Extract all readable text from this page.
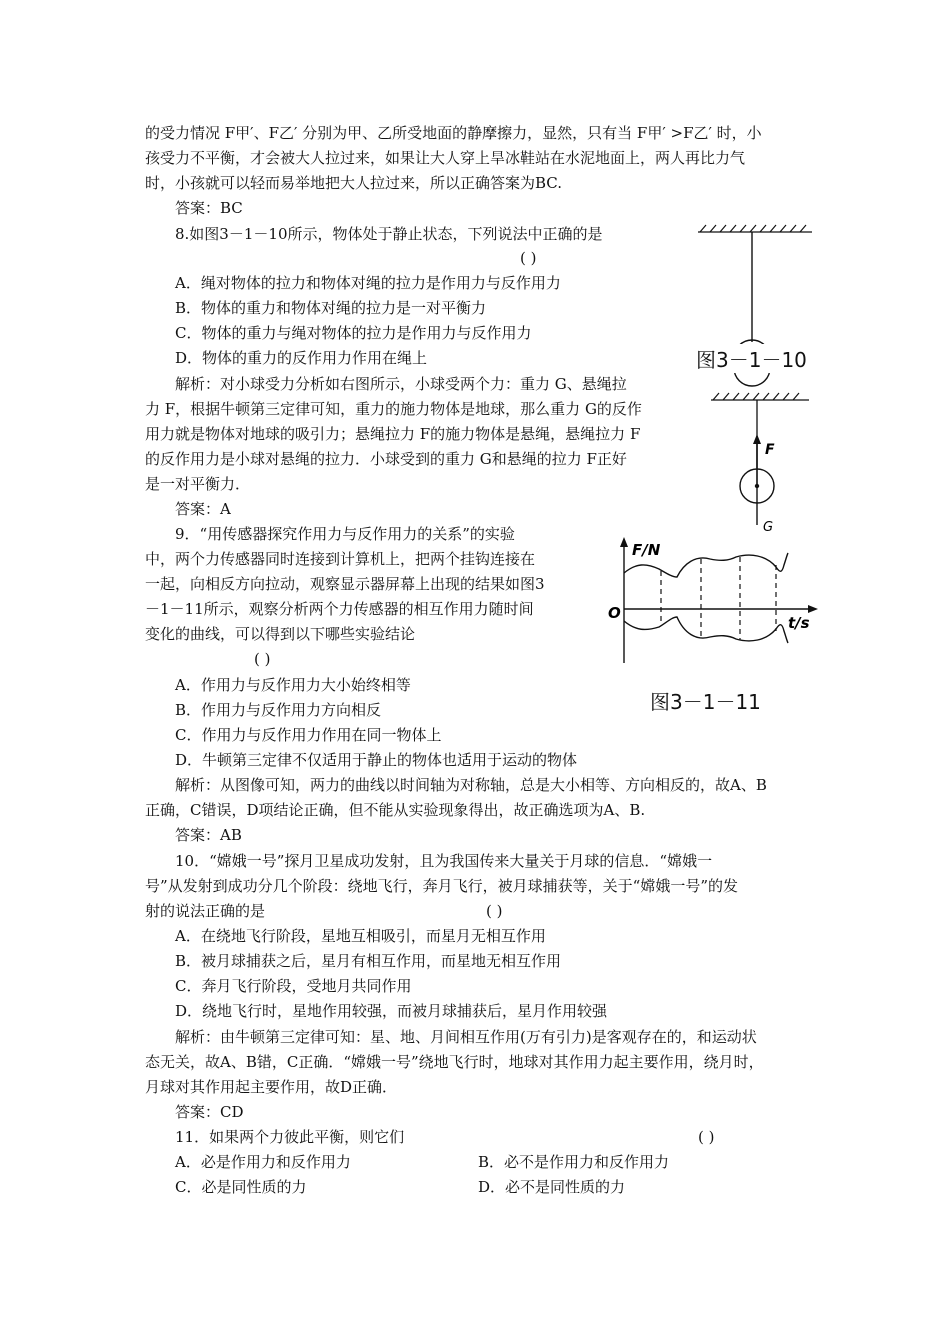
的受力情况 F甲′、F乙′ 分别为甲、乙所受地面的静摩擦力，显然，只有当 F甲′ >F乙′ 时，小
孩受力不平衡，才会被大人拉过来，如果让大人穿上旱冰鞋站在水泥地面上，两人再比力气
时，小孩就可以轻而易举地把大人拉过来，所以正确答案为BC.
答案：BC
8.如图3－1－10所示，物体处于静止状态，下列说法中正确的是
( )
A．绳对物体的拉力和物体对绳的拉力是作用力与反作用力
B．物体的重力和物体对绳的拉力是一对平衡力
C．物体的重力与绳对物体的拉力是作用力与反作用力
D．物体的重力的反作用力作用在绳上
解析：对小球受力分析如右图所示，小球受两个力：重力 G、悬绳拉
力 F，根据牛顿第三定律可知，重力的施力物体是地球，那么重力 G的反作
用力就是物体对地球的吸引力；悬绳拉力 F的施力物体是悬绳，悬绳拉力 F
的反作用力是小球对悬绳的拉力．小球受到的重力 G和悬绳的拉力 F正好
是一对平衡力．
答案：A
9．“用传感器探究作用力与反作用力的关系”的实验
中，两个力传感器同时连接到计算机上，把两个挂钩连接在
一起，向相反方向拉动，观察显示器屏幕上出现的结果如图3
－1－11所示，观察分析两个力传感器的相互作用力随时间
变化的曲线，可以得到以下哪些实验结论
( )
A．作用力与反作用力大小始终相等
B．作用力与反作用力方向相反
C．作用力与反作用力作用在同一物体上
D．牛顿第三定律不仅适用于静止的物体也适用于运动的物体
解析：从图像可知，两力的曲线以时间轴为对称轴，总是大小相等、方向相反的，故A、B
正确，C错误，D项结论正确，但不能从实验现象得出，故正确选项为A、B.
答案：AB
10．“嫦娥一号”探月卫星成功发射，且为我国传来大量关于月球的信息．“嫦娥一
号”从发射到成功分几个阶段：绕地飞行，奔月飞行，被月球捕获等，关于“嫦娥一号”的发
射的说法正确的是	( )
A．在绕地飞行阶段，星地互相吸引，而星月无相互作用
B．被月球捕获之后，星月有相互作用，而星地无相互作用
C．奔月飞行阶段，受地月共同作用
D．绕地飞行时，星地作用较强，而被月球捕获后，星月作用较强
解析：由牛顿第三定律可知：星、地、月间相互作用(万有引力)是客观存在的，和运动状
态无关，故A、B错，C正确．“嫦娥一号”绕地飞行时，地球对其作用力起主要作用，绕月时，
月球对其作用起主要作用，故D正确．
答案：CD
11．如果两个力彼此平衡，则它们	( )
A．必是作用力和反作用力	B．必不是作用力和反作用力
C．必是同性质的力	D．必不是同性质的力
图3－1－10
F
G
F/N
O
t/s
图3－1－11
